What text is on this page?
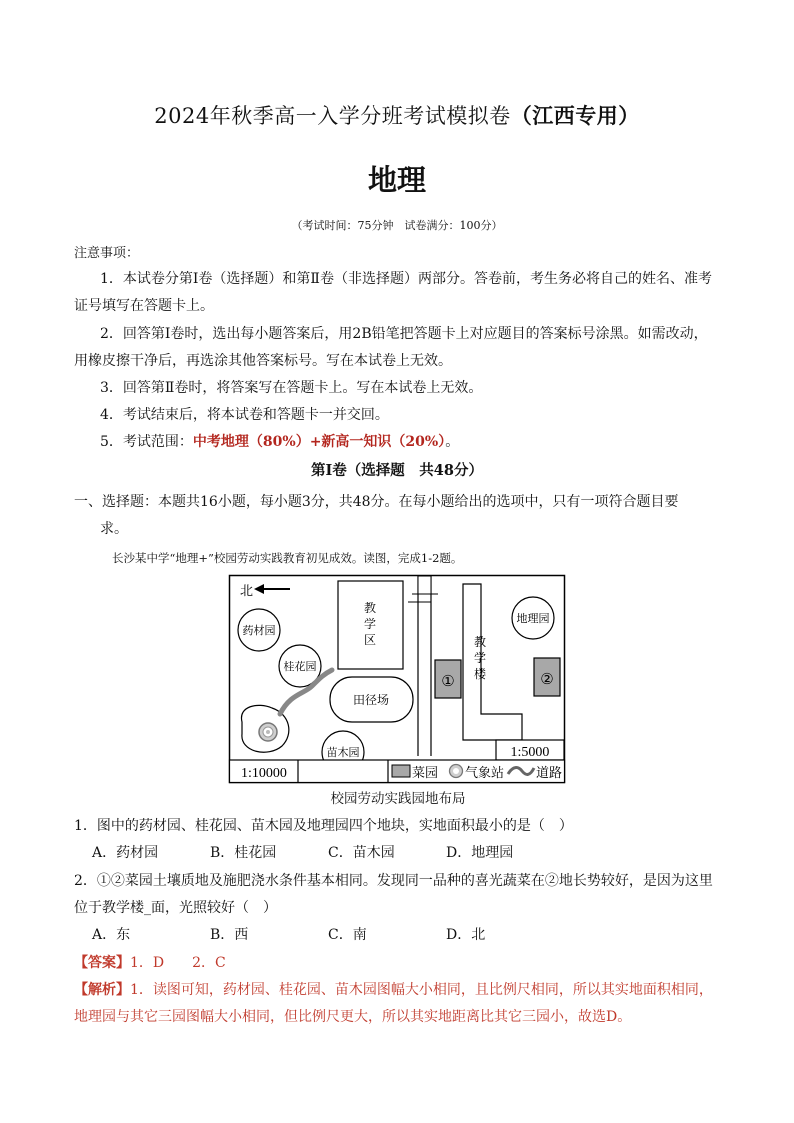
2024年秋季高一入学分班考试模拟卷（江西专用）
地理
（考试时间：75分钟　试卷满分：100分）
注意事项：
1．本试卷分第Ⅰ卷（选择题）和第Ⅱ卷（非选择题）两部分。答卷前，考生务必将自己的姓名、准考
证号填写在答题卡上。
2．回答第Ⅰ卷时，选出每小题答案后，用2B铅笔把答题卡上对应题目的答案标号涂黑。如需改动，
用橡皮擦干净后，再选涂其他答案标号。写在本试卷上无效。
3．回答第Ⅱ卷时，将答案写在答题卡上。写在本试卷上无效。
4．考试结束后，将本试卷和答题卡一并交回。
5．考试范围：中考地理（80%）+新高一知识（20%）。
第Ⅰ卷（选择题　共48分）
一、选择题：本题共16小题，每小题3分，共48分。在每小题给出的选项中，只有一项符合题目要
求。
长沙某中学“地理+”校园劳动实践教育初见成效。读图，完成1-2题。
北
教
学
区
药材园
桂花园
苗木园
地理园
田径场
教
学
楼
①	②
1:5000
1:10000	菜园 气象站 道路
校园劳动实践园地布局
1．图中的药材园、桂花园、苗木园及地理园四个地块，实地面积最小的是（　）
A．药材园	B．桂花园	C．苗木园	D．地理园
2．①②菜园土壤质地及施肥浇水条件基本相同。发现同一品种的喜光蔬菜在②地长势较好，是因为这里
位于教学楼_面，光照较好（　）
A．东	B．西	C．南	D．北
【答案】1．D　　2．C
【解析】1．读图可知，药材园、桂花园、苗木园图幅大小相同，且比例尺相同，所以其实地面积相同，
地理园与其它三园图幅大小相同，但比例尺更大，所以其实地距离比其它三园小，故选D。
